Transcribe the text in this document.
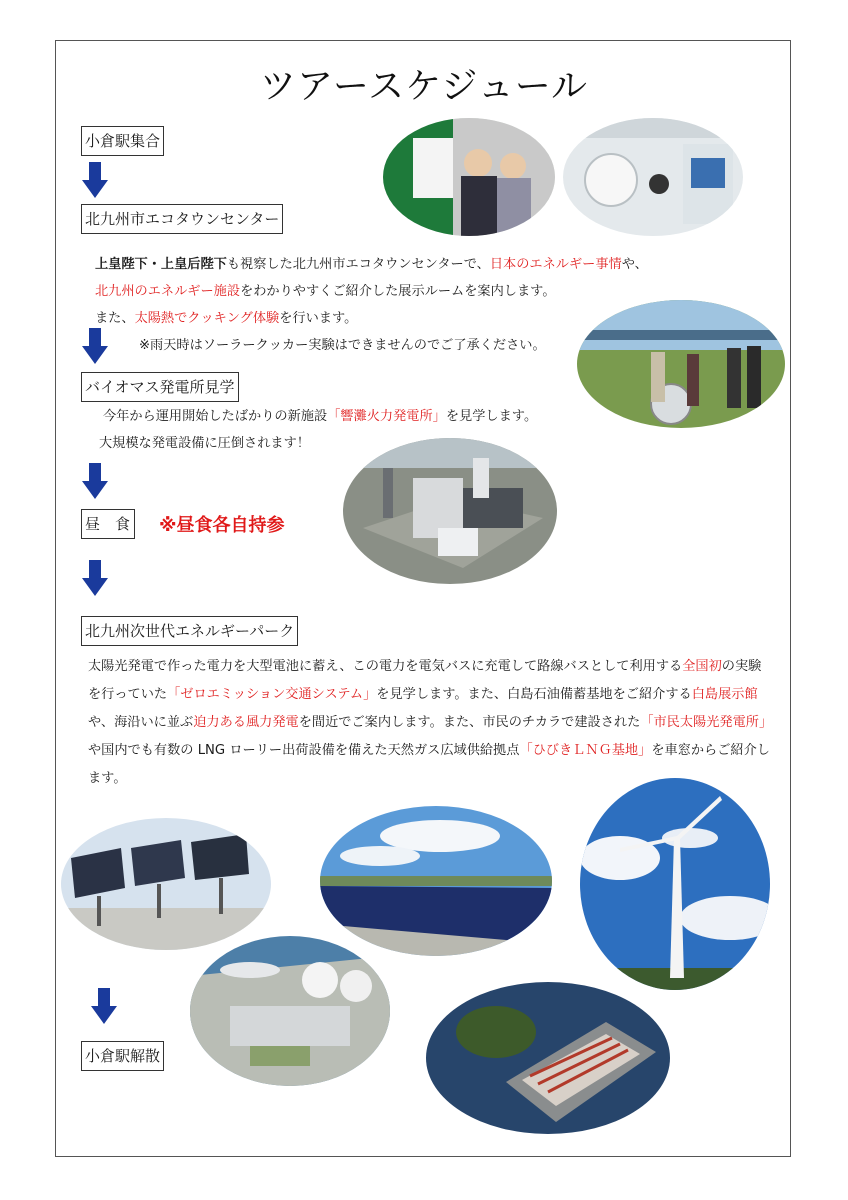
ツアースケジュール
小倉駅集合
北九州市エコタウンセンター
上皇陛下・上皇后陛下も視察した北九州市エコタウンセンターで、日本のエネルギー事情や、
北九州のエネルギー施設をわかりやすくご紹介した展示ルームを案内します。
また、太陽熱でクッキング体験を行います。
※雨天時はソーラークッカー実験はできませんのでご了承ください。
バイオマス発電所見学
今年から運用開始したばかりの新施設「響灘火力発電所」を見学します。
大規模な発電設備に圧倒されます！
昼　食 ※昼食各自持参
北九州次世代エネルギーパーク
太陽光発電で作った電力を大型電池に蓄え、この電力を電気バスに充電して路線バスとして利用する全国初の実験を行っていた「ゼロエミッション交通システム」を見学します。また、白島石油備蓄基地をご紹介する白島展示館や、海沿いに並ぶ迫力ある風力発電を間近でご案内します。また、市民のチカラで建設された「市民太陽光発電所」や国内でも有数の LNG ローリー出荷設備を備えた天然ガス広域供給拠点「ひびきＬＮＧ基地」を車窓からご紹介します。
小倉駅解散
